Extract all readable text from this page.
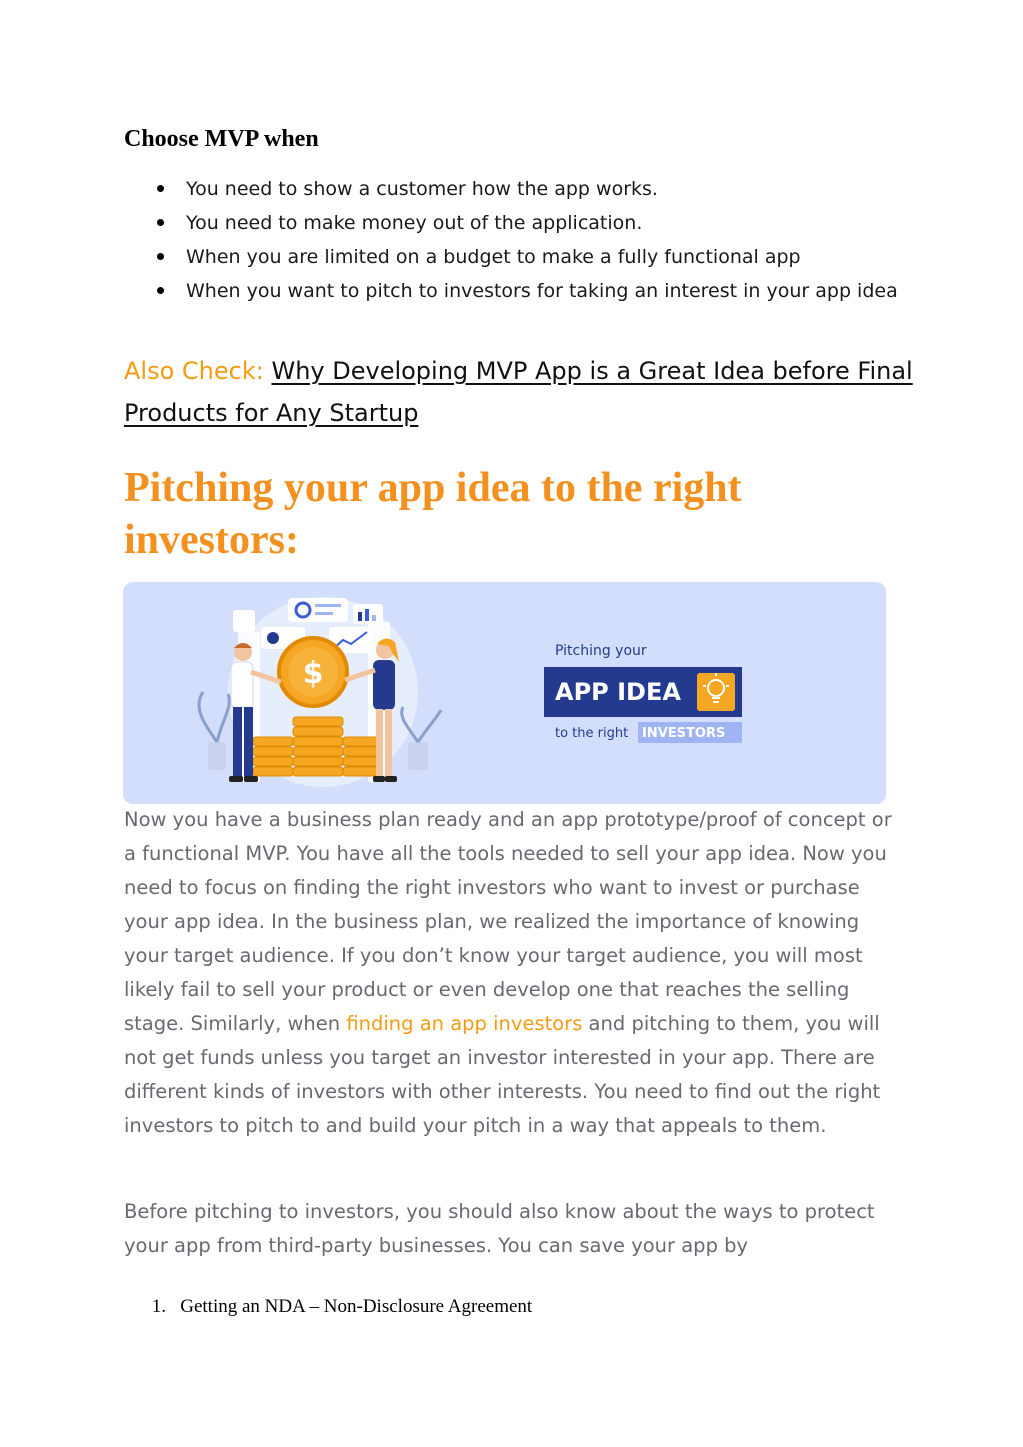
Choose MVP when
You need to show a customer how the app works.
You need to make money out of the application.
When you are limited on a budget to make a fully functional app
When you want to pitch to investors for taking an interest in your app idea
Also Check: Why Developing MVP App is a Great Idea before Final Products for Any Startup
Pitching your app idea to the right investors:
$
Pitching your
APP IDEA
to the right INVESTORS

Now you have a business plan ready and an app prototype/proof of concept or a functional MVP. You have all the tools needed to sell your app idea. Now you need to focus on finding the right investors who want to invest or purchase your app idea. In the business plan, we realized the importance of knowing your target audience. If you don’t know your target audience, you will most likely fail to sell your product or even develop one that reaches the selling stage. Similarly, when finding an app investors and pitching to them, you will not get funds unless you target an investor interested in your app. There are different kinds of investors with other interests. You need to find out the right investors to pitch to and build your pitch in a way that appeals to them.

Before pitching to investors, you should also know about the ways to protect your app from third-party businesses. You can save your app by

1. Getting an NDA – Non-Disclosure Agreement
